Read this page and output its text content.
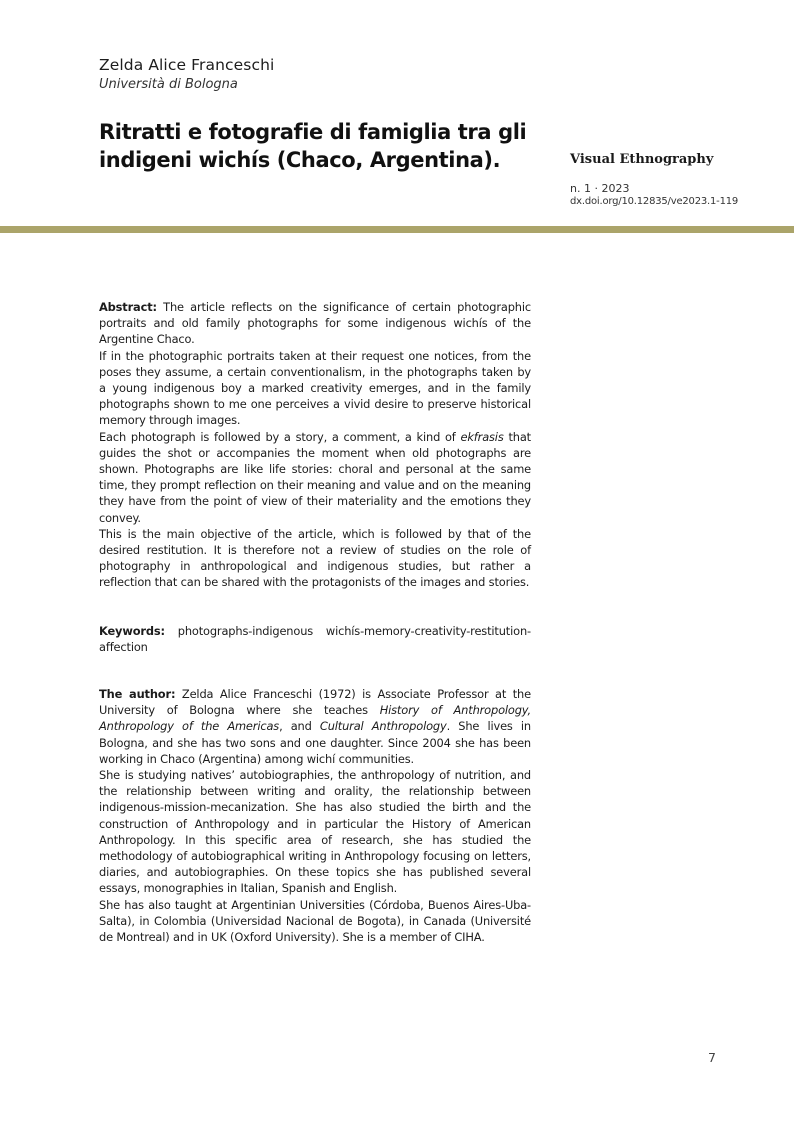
Zelda Alice Franceschi
Università di Bologna
Ritratti e fotografie di famiglia tra gli indigeni wichís (Chaco, Argentina).	Visual Ethnography
n. 1 · 2023
dx.doi.org/10.12835/ve2023.1-119

Abstract: The article reflects on the significance of certain photographic portraits and old family photographs for some indigenous wichís of the Argentine Chaco.

If in the photographic portraits taken at their request one notices, from the poses they assume, a certain conventionalism, in the photographs taken by a young indigenous boy a marked creativity emerges, and in the family photographs shown to me one perceives a vivid desire to preserve historical memory through images.

Each photograph is followed by a story, a comment, a kind of ekfrasis that guides the shot or accompanies the moment when old photographs are shown. Photographs are like life stories: choral and personal at the same time, they prompt reflection on their meaning and value and on the meaning they have from the point of view of their materiality and the emotions they convey.

This is the main objective of the article, which is followed by that of the desired restitution. It is therefore not a review of studies on the role of photography in anthropological and indigenous studies, but rather a reflection that can be shared with the protagonists of the images and stories.

Keywords: photographs-indigenous wichís-memory-creativity-restitution-affection

The author: Zelda Alice Franceschi (1972) is Associate Professor at the University of Bologna where she teaches History of Anthropology, Anthropology of the Americas, and Cultural Anthropology. She lives in Bologna, and she has two sons and one daughter. Since 2004 she has been working in Chaco (Argentina) among wichí communities.

She is studying natives’ autobiographies, the anthropology of nutrition, and the relationship between writing and orality, the relationship between indigenous-mission-mecanization. She has also studied the birth and the construction of Anthropology and in particular the History of American Anthropology. In this specific area of research, she has studied the methodology of autobiographical writing in Anthropology focusing on letters, diaries, and autobiographies. On these topics she has published several essays, monographies in Italian, Spanish and English.

She has also taught at Argentinian Universities (Córdoba, Buenos Aires-Uba- Salta), in Colombia (Universidad Nacional de Bogota), in Canada (Université de Montreal) and in UK (Oxford University). She is a member of CIHA.

7
